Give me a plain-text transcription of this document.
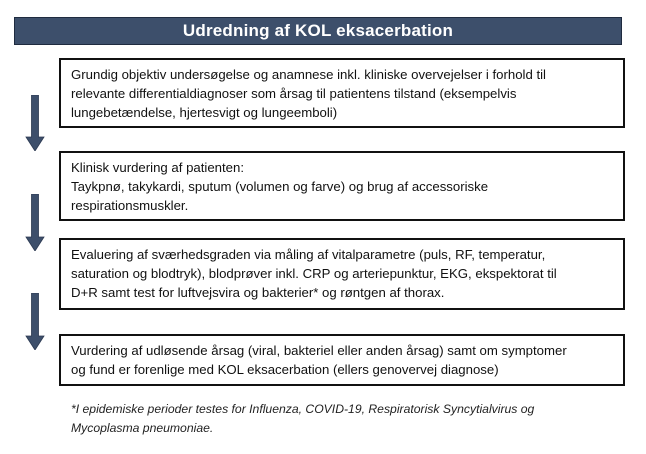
Udredning af KOL eksacerbation
Grundig objektiv undersøgelse og anamnese inkl. kliniske overvejelser i forhold til
relevante differentialdiagnoser som årsag til patientens tilstand (eksempelvis
lungebetændelse, hjertesvigt og lungeemboli)
Klinisk vurdering af patienten:
Taykpnø, takykardi, sputum (volumen og farve) og brug af accessoriske
respirationsmuskler.
Evaluering af sværhedsgraden via måling af vitalparametre (puls, RF, temperatur,
saturation og blodtryk), blodprøver inkl. CRP og arteriepunktur, EKG, ekspektorat til
D+R samt test for luftvejsvira og bakterier* og røntgen af thorax.
Vurdering af udløsende årsag (viral, bakteriel eller anden årsag) samt om symptomer
og fund er forenlige med KOL eksacerbation (ellers genovervej diagnose)
*I epidemiske perioder testes for Influenza, COVID-19, Respiratorisk Syncytialvirus og
Mycoplasma pneumoniae.
